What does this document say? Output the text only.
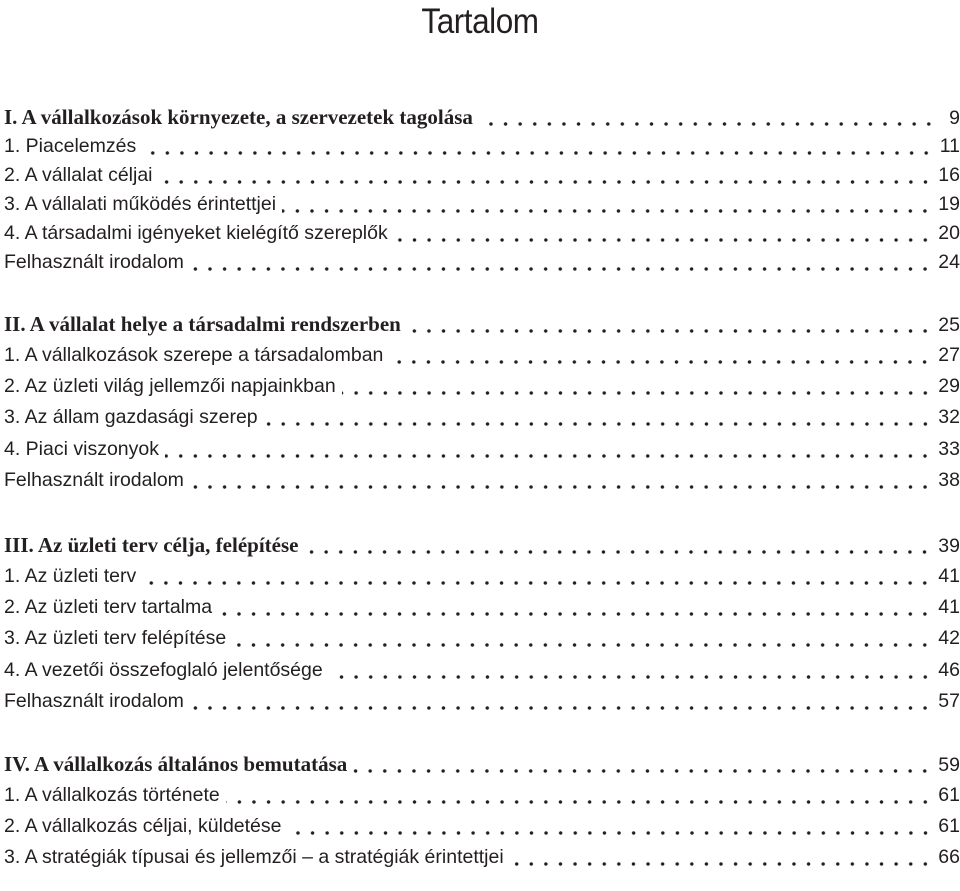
Tartalom
I. A vállalkozások környezete, a szervezetek tagolása	9
1. Piacelemzés	11
2. A vállalat céljai	16
3. A vállalati működés érintettjei	19
4. A társadalmi igényeket kielégítő szereplők	20
Felhasznált irodalom	24
II. A vállalat helye a társadalmi rendszerben	25
1. A vállalkozások szerepe a társadalomban	27
2. Az üzleti világ jellemzői napjainkban	29
3. Az állam gazdasági szerep	32
4. Piaci viszonyok	33
Felhasznált irodalom	38
III. Az üzleti terv célja, felépítése	39
1. Az üzleti terv	41
2. Az üzleti terv tartalma	41
3. Az üzleti terv felépítése	42
4. A vezetői összefoglaló jelentősége	46
Felhasznált irodalom	57
IV. A vállalkozás általános bemutatása	59
1. A vállalkozás története	61
2. A vállalkozás céljai, küldetése	61
3. A stratégiák típusai és jellemzői – a stratégiák érintettjei	66
